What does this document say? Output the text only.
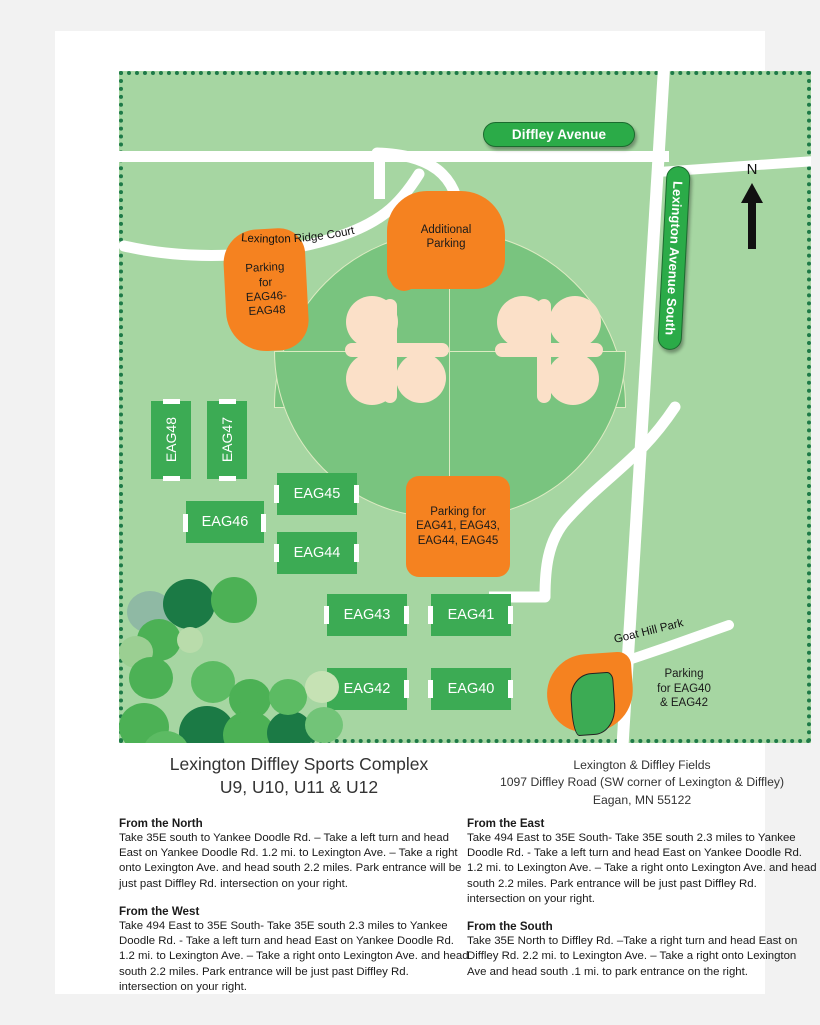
Parking
for
EAG46-
EAG48
Additional
Parking
Parking for
EAG41, EAG43,
EAG44, EAG45
Parking
for EAG40
& EAG42
EAG48	EAG47
EAG46
EAG45
EAG44
EAG43	EAG41
EAG42	EAG40
Diffley Avenue
Lexington Avenue South
Lexington Ridge Court
Goat Hill Park
N
Lexington Diffley Sports Complex
U9, U10, U11 & U12
Lexington & Diffley Fields
1097 Diffley Road (SW corner of Lexington & Diffley)
Eagan, MN 55122
From the North

Take 35E south to Yankee Doodle Rd. – Take a left turn and head East on Yankee Doodle Rd. 1.2 mi. to Lexington Ave. – Take a right onto Lexington Ave. and head south 2.2 miles. Park entrance will be just past Diffley Rd. intersection on your right.

From the West

Take 494 East to 35E South- Take 35E south 2.3 miles to Yankee Doodle Rd. - Take a left turn and head East on Yankee Doodle Rd. 1.2 mi. to Lexington Ave. – Take a right onto Lexington Ave. and head south 2.2 miles. Park entrance will be just past Diffley Rd. intersection on your right.

From the East

Take 494 East to 35E South- Take 35E south 2.3 miles to Yankee Doodle Rd. - Take a left turn and head East on Yankee Doodle Rd. 1.2 mi. to Lexington Ave. – Take a right onto Lexington Ave. and head south 2.2 miles. Park entrance will be just past Diffley Rd. intersection on your right.

From the South

Take 35E North to Diffley Rd. –Take a right turn and head East on Diffley Rd. 2.2 mi. to Lexington Ave. – Take a right onto Lexington Ave and head south .1 mi. to park entrance on the right.
